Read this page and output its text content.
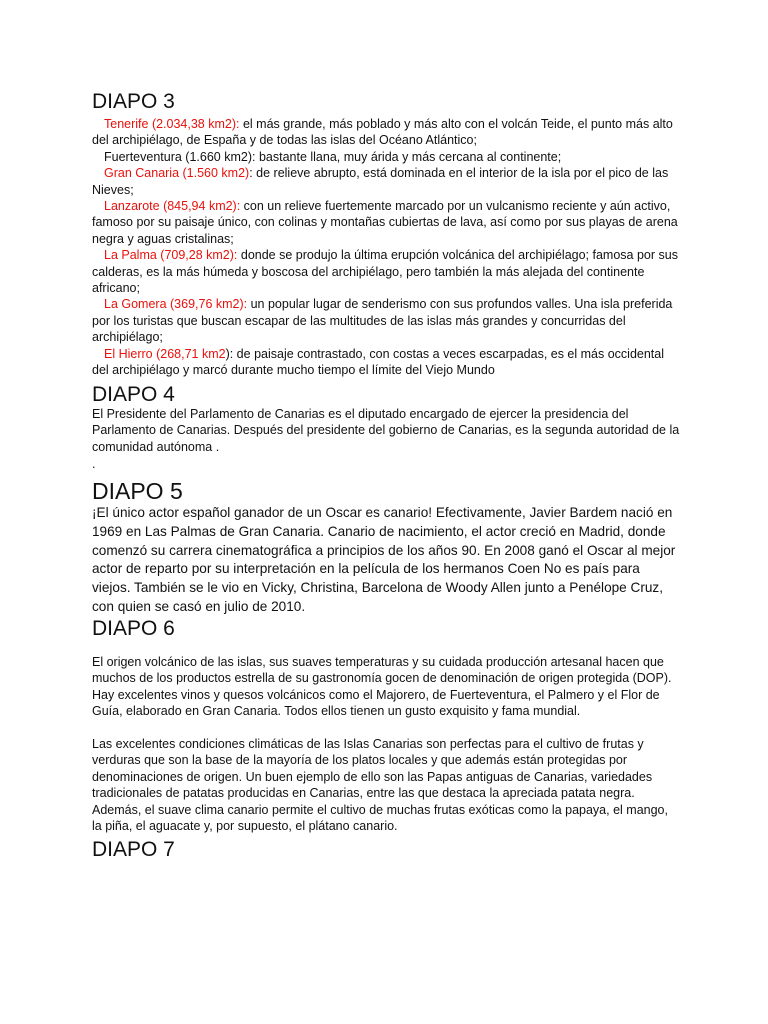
DIAPO 3
Tenerife (2.034,38 km2): el más grande, más poblado y más alto con el volcán Teide, el punto más alto del archipiélago, de España y de todas las islas del Océano Atlántico;
Fuerteventura (1.660 km2): bastante llana, muy árida y más cercana al continente;
Gran Canaria (1.560 km2): de relieve abrupto, está dominada en el interior de la isla por el pico de las Nieves;
Lanzarote (845,94 km2): con un relieve fuertemente marcado por un vulcanismo reciente y aún activo, famoso por su paisaje único, con colinas y montañas cubiertas de lava, así como por sus playas de arena negra y aguas cristalinas;
La Palma (709,28 km2): donde se produjo la última erupción volcánica del archipiélago; famosa por sus calderas, es la más húmeda y boscosa del archipiélago, pero también la más alejada del continente africano;
La Gomera (369,76 km2): un popular lugar de senderismo con sus profundos valles. Una isla preferida por los turistas que buscan escapar de las multitudes de las islas más grandes y concurridas del archipiélago;
El Hierro (268,71 km2): de paisaje contrastado, con costas a veces escarpadas, es el más occidental del archipiélago y marcó durante mucho tiempo el límite del Viejo Mundo
DIAPO 4

El Presidente del Parlamento de Canarias es el diputado encargado de ejercer la presidencia del Parlamento de Canarias. Después del presidente del gobierno de Canarias, es la segunda autoridad de la comunidad autónoma .

.

DIAPO 5

¡El único actor español ganador de un Oscar es canario! Efectivamente, Javier Bardem nació en 1969 en Las Palmas de Gran Canaria. Canario de nacimiento, el actor creció en Madrid, donde comenzó su carrera cinematográfica a principios de los años 90. En 2008 ganó el Oscar al mejor actor de reparto por su interpretación en la película de los hermanos Coen No es país para viejos. También se le vio en Vicky, Christina, Barcelona de Woody Allen junto a Penélope Cruz, con quien se casó en julio de 2010.

DIAPO 6

El origen volcánico de las islas, sus suaves temperaturas y su cuidada producción artesanal hacen que muchos de los productos estrella de su gastronomía gocen de denominación de origen protegida (DOP). Hay excelentes vinos y quesos volcánicos como el Majorero, de Fuerteventura, el Palmero y el Flor de Guía, elaborado en Gran Canaria. Todos ellos tienen un gusto exquisito y fama mundial.

Las excelentes condiciones climáticas de las Islas Canarias son perfectas para el cultivo de frutas y verduras que son la base de la mayoría de los platos locales y que además están protegidas por denominaciones de origen. Un buen ejemplo de ello son las Papas antiguas de Canarias, variedades tradicionales de patatas producidas en Canarias, entre las que destaca la apreciada patata negra. Además, el suave clima canario permite el cultivo de muchas frutas exóticas como la papaya, el mango, la piña, el aguacate y, por supuesto, el plátano canario.

DIAPO 7
